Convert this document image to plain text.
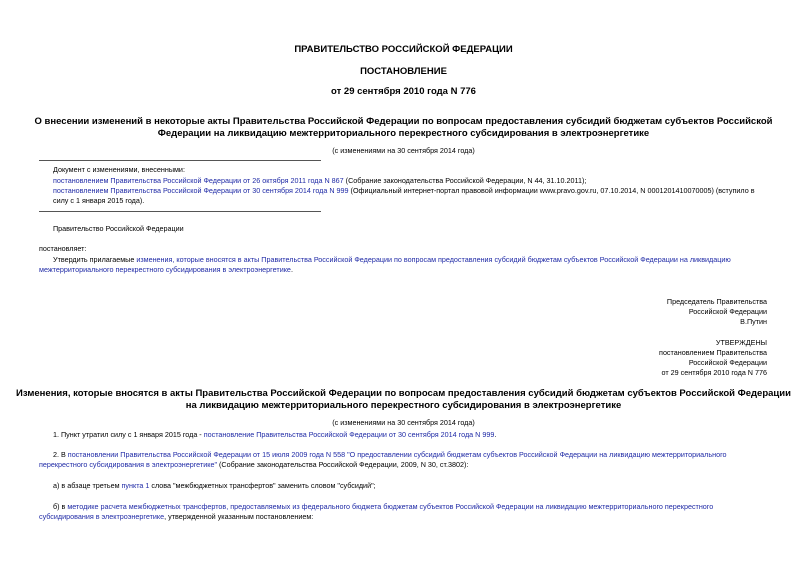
ПРАВИТЕЛЬСТВО РОССИЙСКОЙ ФЕДЕРАЦИИ
ПОСТАНОВЛЕНИЕ
от 29 сентября 2010 года N 776
О внесении изменений в некоторые акты Правительства Российской Федерации по вопросам предоставления субсидий бюджетам субъектов Российской
Федерации на ликвидацию межтерриториального перекрестного субсидирования в электроэнергетике
(с изменениями на 30 сентября 2014 года)
Документ с изменениями, внесенными:
постановлением Правительства Российской Федерации от 26 октября 2011 года N 867 (Собрание законодательства Российской Федерации, N 44, 31.10.2011);
постановлением Правительства Российской Федерации от 30 сентября 2014 года N 999 (Официальный интернет-портал правовой информации www.pravo.gov.ru, 07.10.2014, N 0001201410070005) (вступило в
силу с 1 января 2015 года).
Правительство Российской Федерации
постановляет:
Утвердить прилагаемые изменения, которые вносятся в акты Правительства Российской Федерации по вопросам предоставления субсидий бюджетам субъектов Российской Федерации на ликвидацию
межтерриториального перекрестного субсидирования в электроэнергетике.
Председатель Правительства
Российской Федерации
В.Путин
УТВЕРЖДЕНЫ
постановлением Правительства
Российской Федерации
от 29 сентября 2010 года N 776
Изменения, которые вносятся в акты Правительства Российской Федерации по вопросам предоставления субсидий бюджетам субъектов Российской Федерации
на ликвидацию межтерриториального перекрестного субсидирования в электроэнергетике
(с изменениями на 30 сентября 2014 года)
1. Пункт утратил силу с 1 января 2015 года - постановление Правительства Российской Федерации от 30 сентября 2014 года N 999.
2. В постановлении Правительства Российской Федерации от 15 июля 2009 года N 558 "О предоставлении субсидий бюджетам субъектов Российской Федерации на ликвидацию межтерриториального
перекрестного субсидирования в электроэнергетике" (Собрание законодательства Российской Федерации, 2009, N 30, ст.3802):
а) в абзаце третьем пункта 1 слова "межбюджетных трансфертов" заменить словом "субсидий";
б) в методике расчета межбюджетных трансфертов, предоставляемых из федерального бюджета бюджетам субъектов Российской Федерации на ликвидацию межтерриториального перекрестного
субсидирования в электроэнергетике, утвержденной указанным постановлением:
